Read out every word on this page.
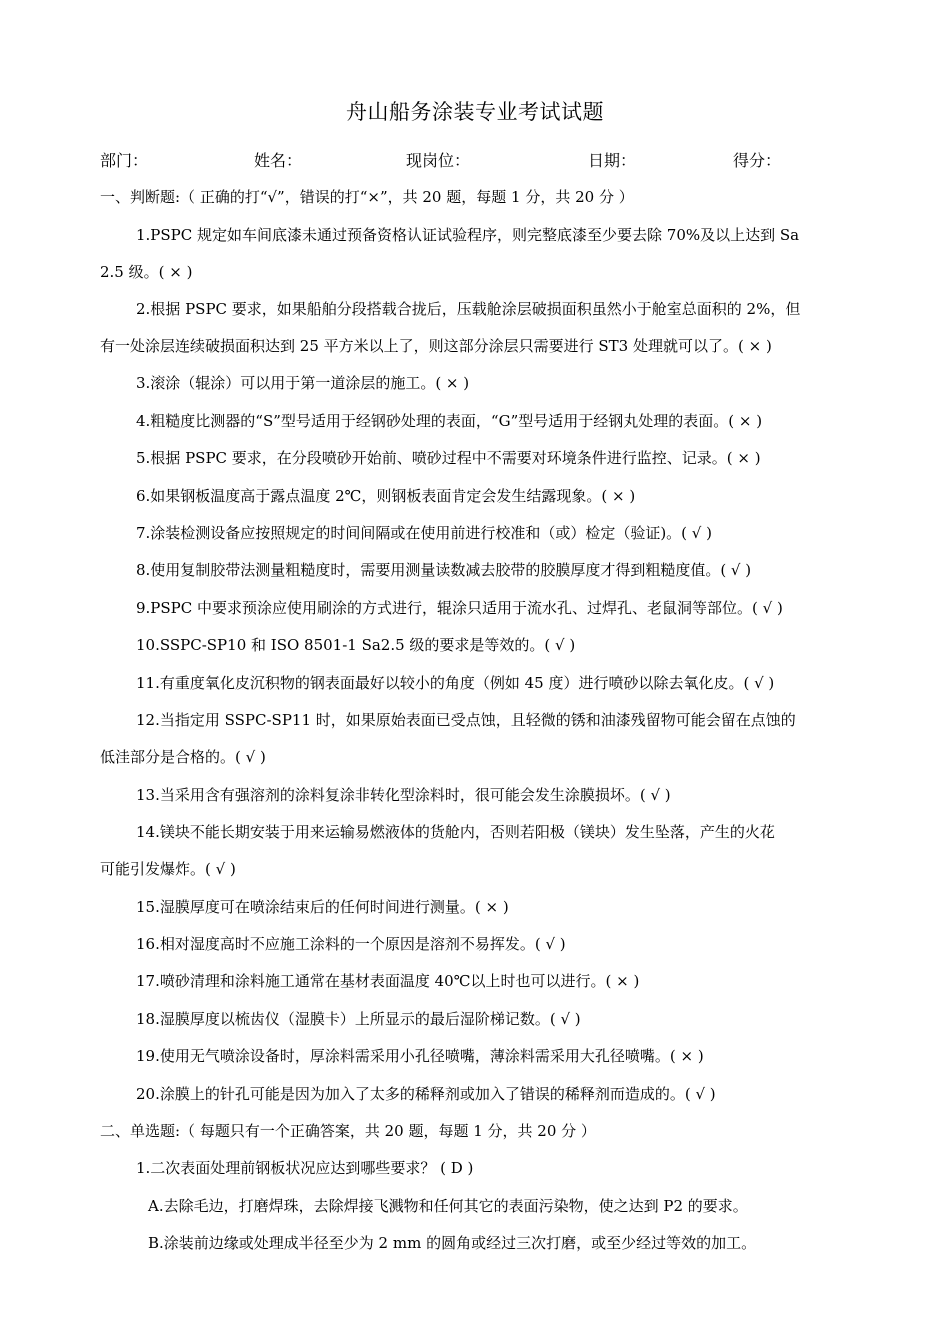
舟山船务涂装专业考试试题
部门：	姓名：	现岗位：	日期：	得分：
一、判断题:（ 正确的打“√”，错误的打“×”，共 20 题，每题 1 分，共 20 分 ）
1.PSPC 规定如车间底漆未通过预备资格认证试验程序，则完整底漆至少要去除 70%及以上达到 Sa
2.5 级。( × )
2.根据 PSPC 要求，如果船舶分段搭载合拢后，压载舱涂层破损面积虽然小于舱室总面积的 2%，但
有一处涂层连续破损面积达到 25 平方米以上了，则这部分涂层只需要进行 ST3 处理就可以了。( × )
3.滚涂（辊涂）可以用于第一道涂层的施工。( × )
4.粗糙度比测器的“S”型号适用于经钢砂处理的表面，“G”型号适用于经钢丸处理的表面。( × )
5.根据 PSPC 要求，在分段喷砂开始前、喷砂过程中不需要对环境条件进行监控、记录。( × )
6.如果钢板温度高于露点温度 2℃，则钢板表面肯定会发生结露现象。( × )
7.涂装检测设备应按照规定的时间间隔或在使用前进行校准和（或）检定（验证)。( √ )
8.使用复制胶带法测量粗糙度时，需要用测量读数减去胶带的胶膜厚度才得到粗糙度值。( √ )
9.PSPC 中要求预涂应使用刷涂的方式进行，辊涂只适用于流水孔、过焊孔、老鼠洞等部位。( √ )
10.SSPC-SP10 和 ISO 8501-1 Sa2.5 级的要求是等效的。( √ )
11.有重度氧化皮沉积物的钢表面最好以较小的角度（例如 45 度）进行喷砂以除去氧化皮。( √ )
12.当指定用 SSPC-SP11 时，如果原始表面已受点蚀，且轻微的锈和油漆残留物可能会留在点蚀的
低洼部分是合格的。( √ )
13.当采用含有强溶剂的涂料复涂非转化型涂料时，很可能会发生涂膜损坏。( √ )
14.镁块不能长期安装于用来运输易燃液体的货舱内，否则若阳极（镁块）发生坠落，产生的火花
可能引发爆炸。( √ )
15.湿膜厚度可在喷涂结束后的任何时间进行测量。( × )
16.相对湿度高时不应施工涂料的一个原因是溶剂不易挥发。( √ )
17.喷砂清理和涂料施工通常在基材表面温度 40℃以上时也可以进行。( × )
18.湿膜厚度以梳齿仪（湿膜卡）上所显示的最后湿阶梯记数。( √ )
19.使用无气喷涂设备时，厚涂料需采用小孔径喷嘴，薄涂料需采用大孔径喷嘴。( × )
20.涂膜上的针孔可能是因为加入了太多的稀释剂或加入了错误的稀释剂而造成的。( √ )
二、单选题:（ 每题只有一个正确答案，共 20 题，每题 1 分，共 20 分 ）
1.二次表面处理前钢板状况应达到哪些要求？ ( D )
A.去除毛边，打磨焊珠，去除焊接飞溅物和任何其它的表面污染物，使之达到 P2 的要求。
B.涂装前边缘或处理成半径至少为 2 mm 的圆角或经过三次打磨，或至少经过等效的加工。
